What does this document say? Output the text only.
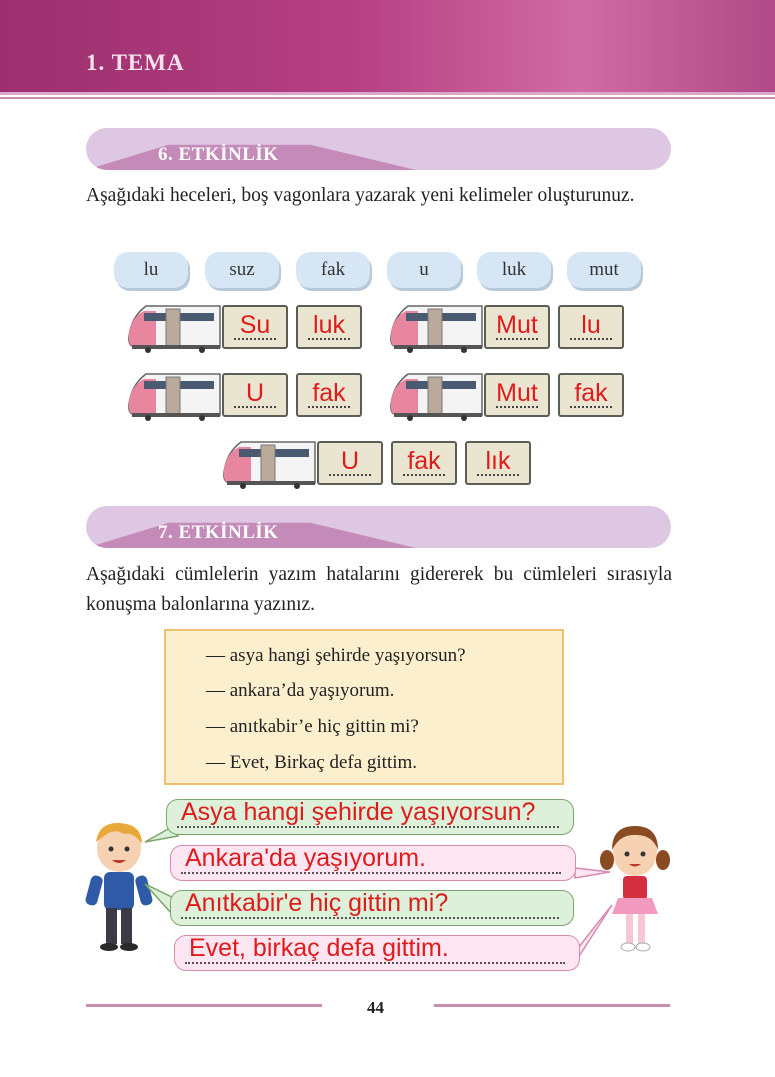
1. TEMA
6. ETKİNLİK
Aşağıdaki heceleri, boş vagonlara yazarak yeni kelimeler oluşturunuz.
lu	suz	fak	u	luk	mut
Su	luk	Mut	lu
U	fak	Mut	fak
U	fak	lık
7. ETKİNLİK
Aşağıdaki cümlelerin yazım hatalarını gidererek bu cümleleri sırasıyla konuşma balonlarına yazınız.
— asya hangi şehirde yaşıyorsun?
— ankara’da yaşıyorum.
— anıtkabir’e hiç gittin mi?
— Evet, Birkaç defa gittim.
Asya hangi şehirde yaşıyorsun?
Ankara'da yaşıyorum.
Anıtkabir'e hiç gittin mi?
Evet, birkaç defa gittim.
44
